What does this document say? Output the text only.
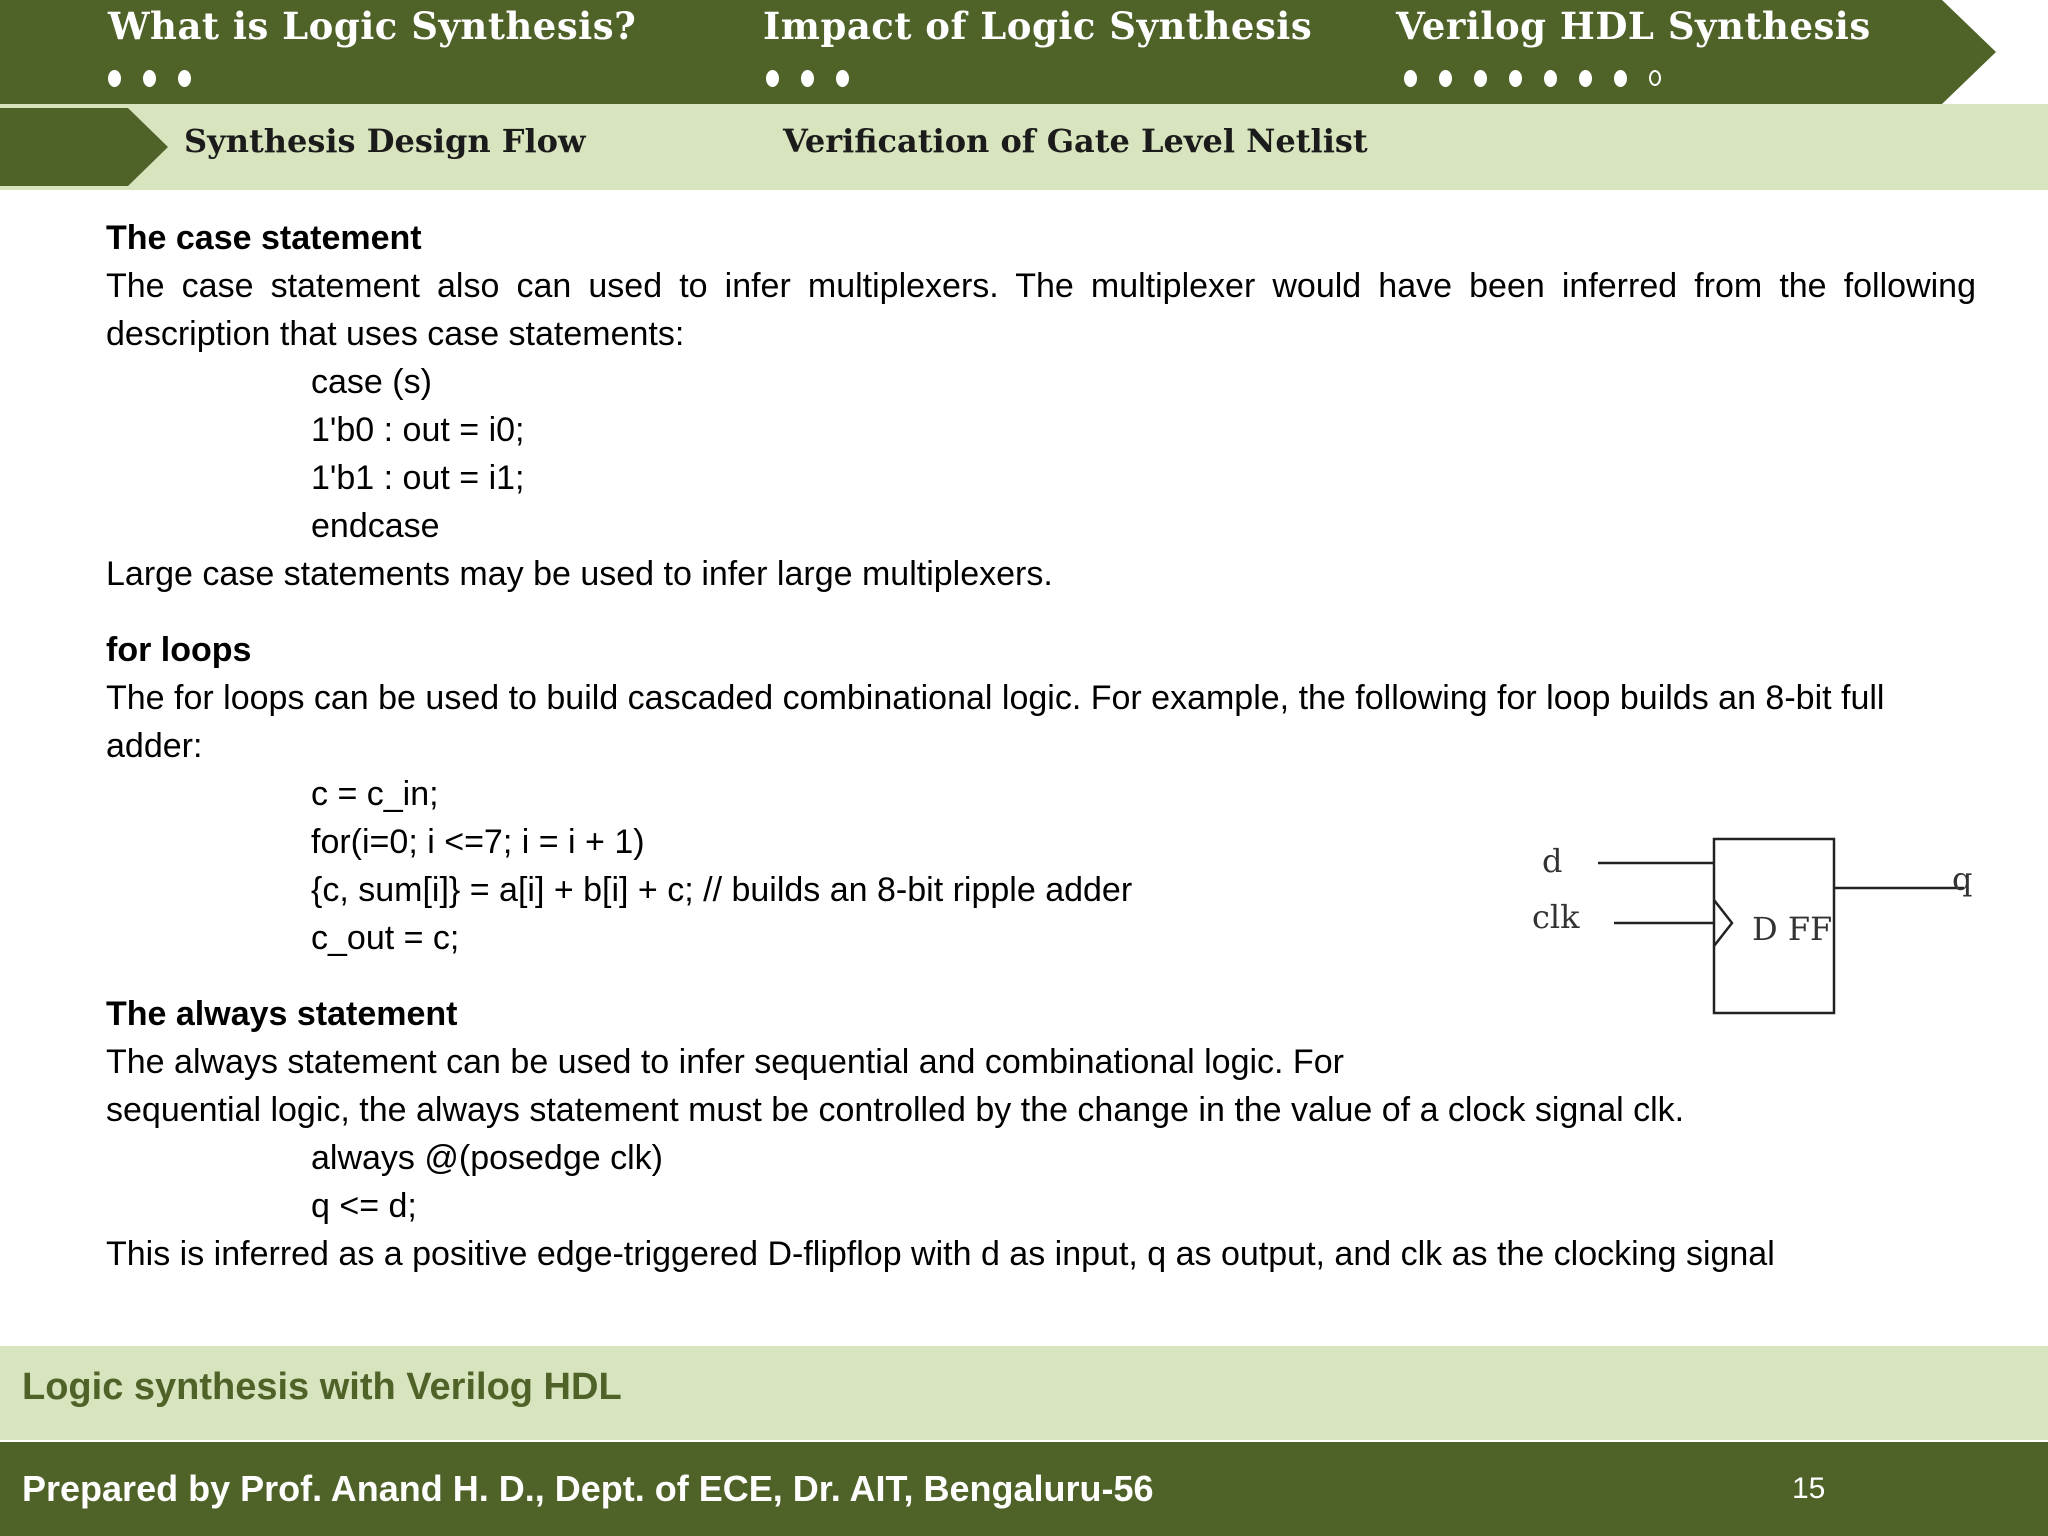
What is Logic Synthesis?	Impact of Logic Synthesis Verilog HDL Synthesis
Synthesis Design Flow	Verification of Gate Level Netlist
The case statement
The case statement also can used to infer multiplexers. The multiplexer would have been inferred from the following description that uses case statements:
case (s)
1'b0 : out = i0;
1'b1 : out = i1;
endcase
Large case statements may be used to infer large multiplexers.
for loops
The for loops can be used to build cascaded combinational logic. For example, the following for loop builds an 8-bit full adder:
c = c_in;
for(i=0; i <=7; i = i + 1)
{c, sum[i]} = a[i] + b[i] + c; // builds an 8-bit ripple adder
c_out = c;
The always statement
The always statement can be used to infer sequential and combinational logic. For
sequential logic, the always statement must be controlled by the change in the value of a clock signal clk.
always @(posedge clk)
q <= d;
This is inferred as a positive edge-triggered D-flipflop with d as input, q as output, and clk as the clocking signal
d
clk	D FF
q
Logic synthesis with Verilog HDL
Prepared by Prof. Anand H. D., Dept. of ECE, Dr. AIT, Bengaluru-56	15
